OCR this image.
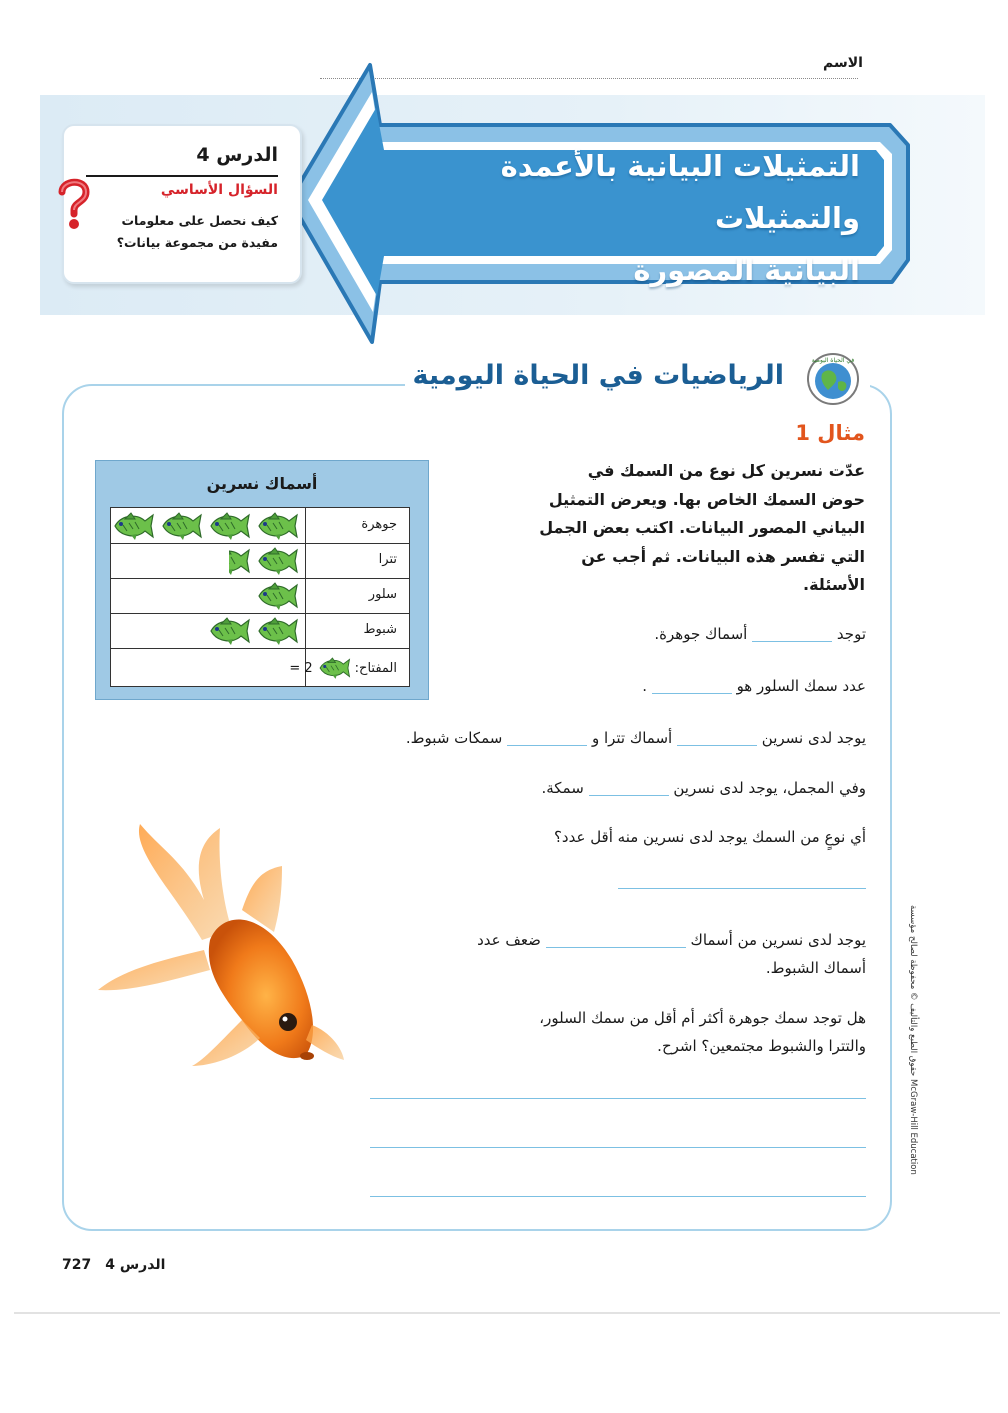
الاسم
التمثيلات البيانية بالأعمدة والتمثيلات
البيانية المصورة
الدرس 4
السؤال الأساسي
كيف نحصل على معلومات
مفيدة من مجموعة بيانات؟
في الحياة اليومية
الرياضيات في الحياة اليومية
مثال 1
عدّت نسرين كل نوع من السمك في
حوض السمك الخاص بها. ويعرض التمثيل
البياني المصور البيانات. اكتب بعض الجمل
التي تفسر هذه البيانات. ثم أجب عن الأسئلة.
أسماك نسرين
جوهرة
تترا
سلور
شبوط
المفتاح:
= 2
توجد  أسماك جوهرة.
عدد سمك السلور هو  .
يوجد لدى نسرين  أسماك تترا و  سمكات شبوط.
وفي المجمل، يوجد لدى نسرين  سمكة.
أي نوعٍ من السمك يوجد لدى نسرين منه أقل عدد؟
يوجد لدى نسرين من أسماك  ضعف عدد
أسماك الشبوط.
هل توجد سمك جوهرة أكثر أم أقل من سمك السلور،
والتترا والشبوط مجتمعين؟ اشرح.	حقوق الطبع والتأليف © محفوظة لصالح مؤسسة McGraw-Hill Education
727 الدرس 4
